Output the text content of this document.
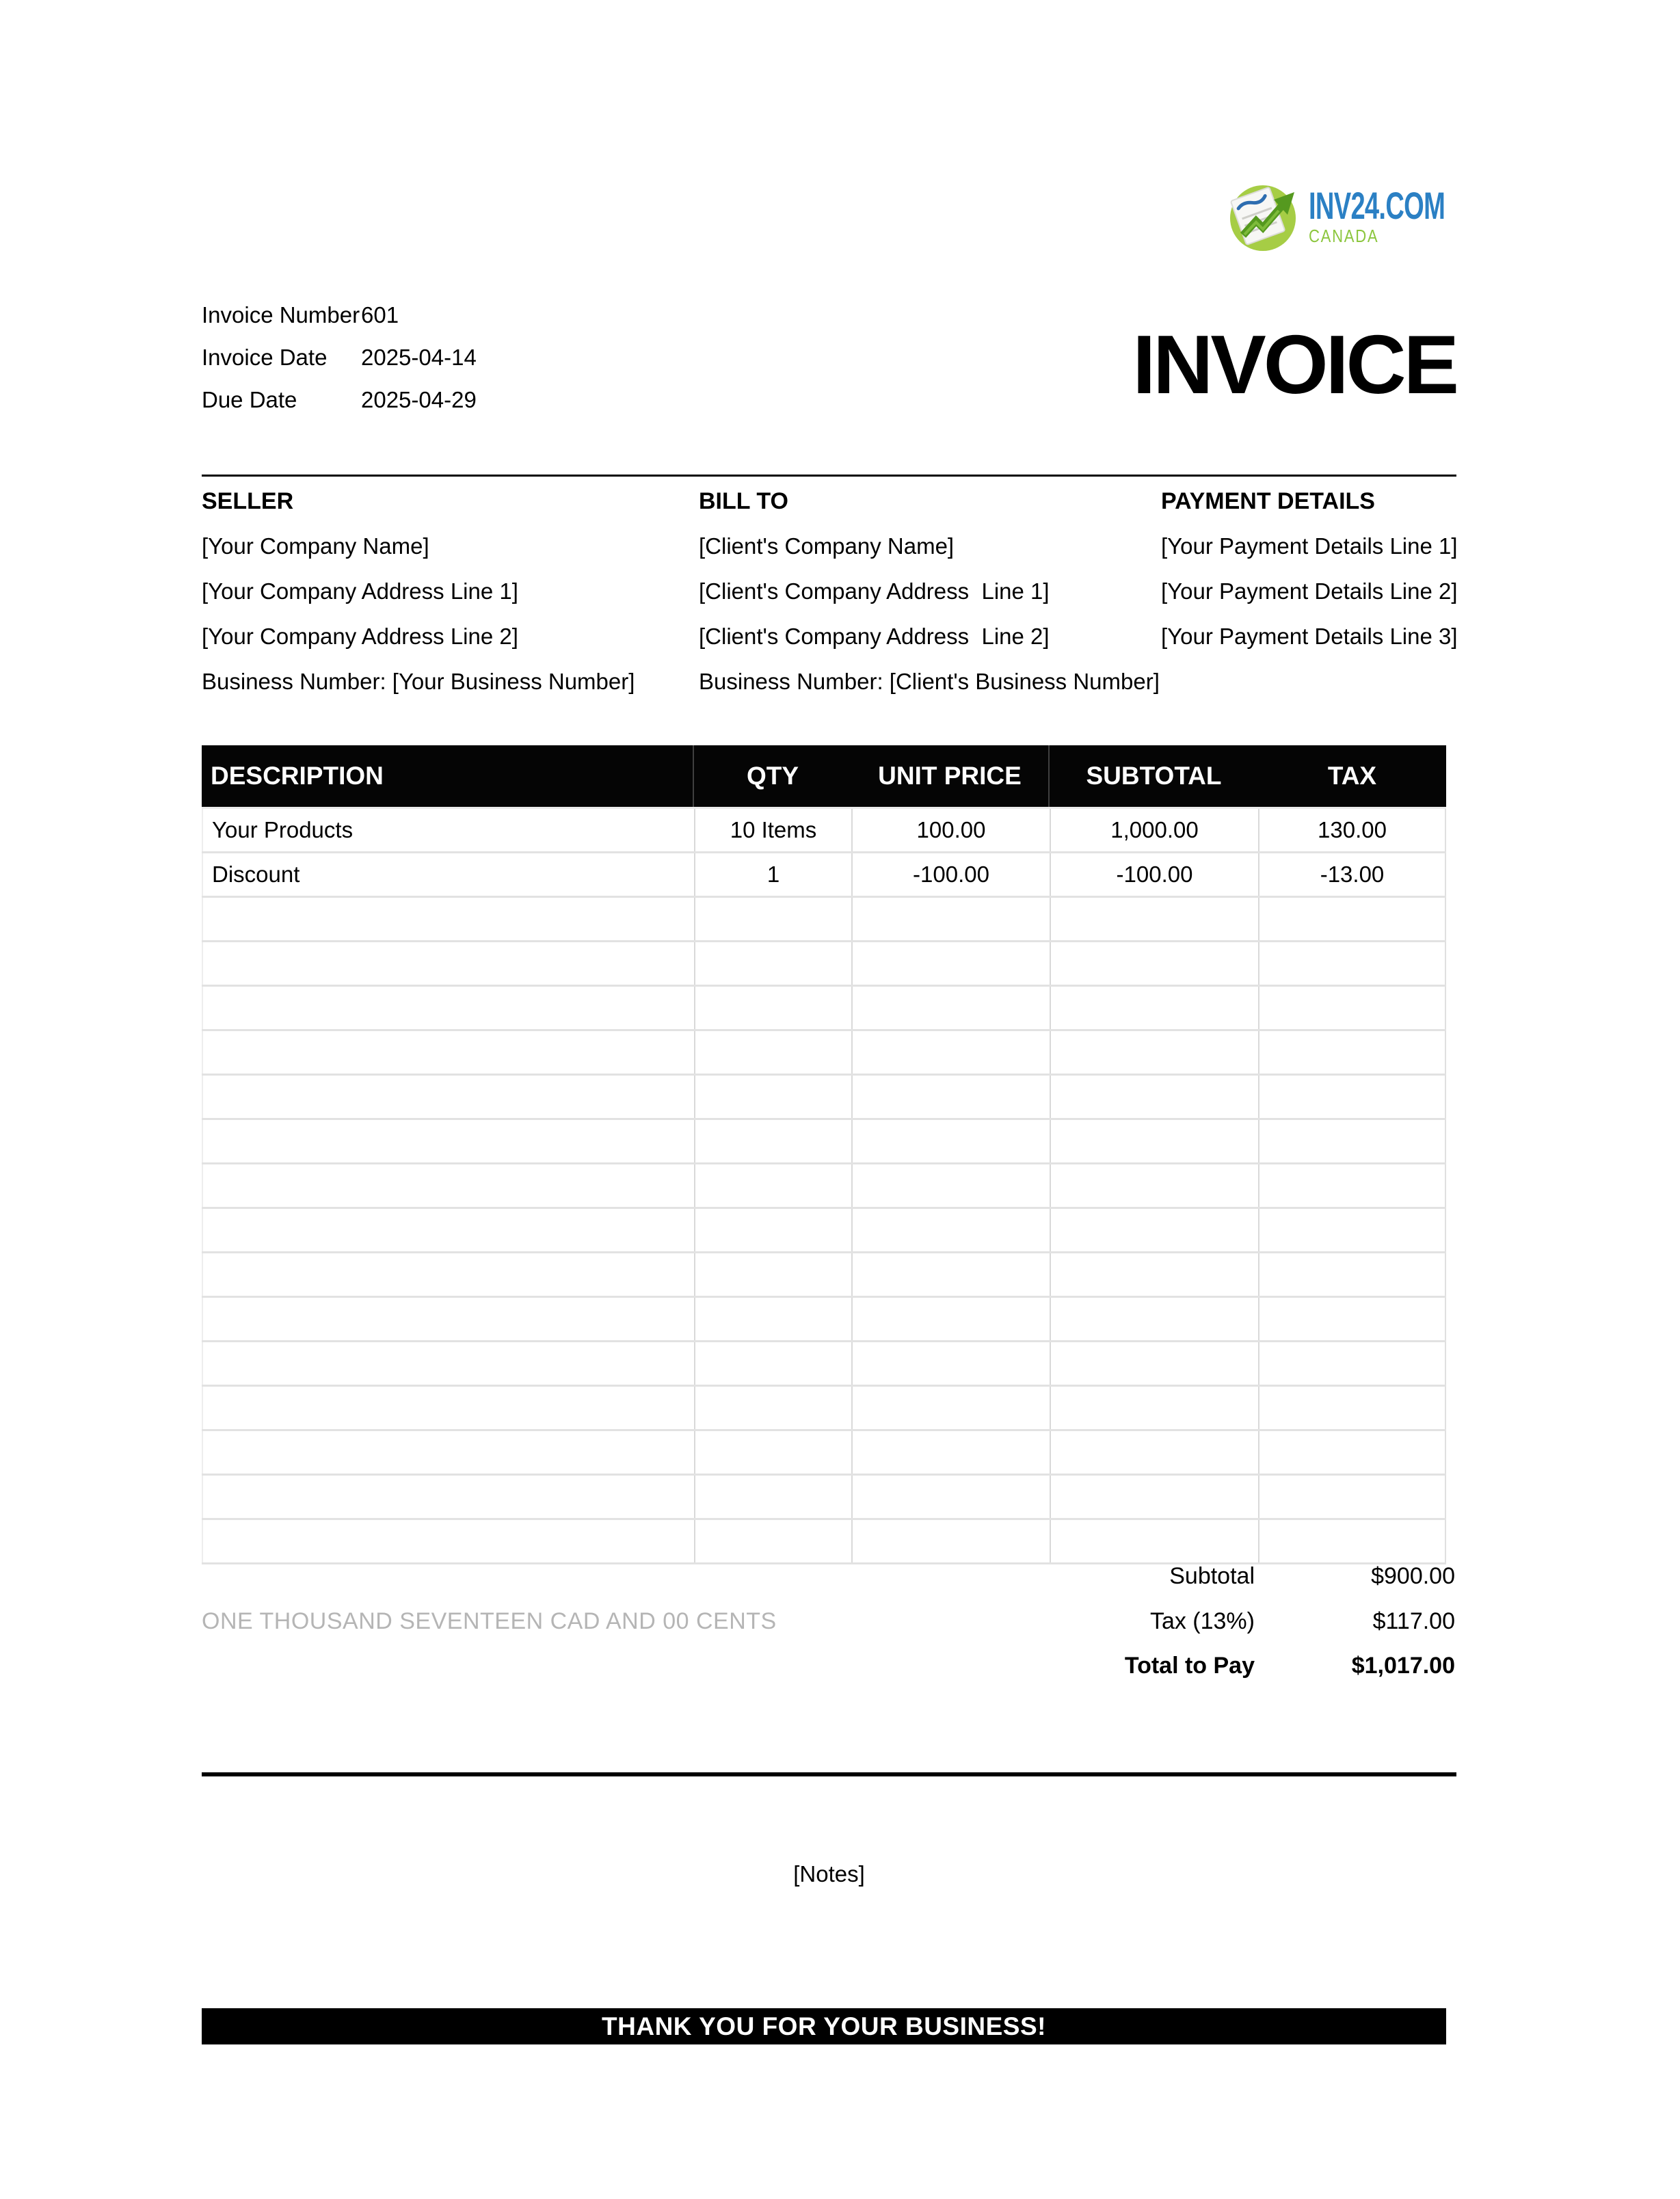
INV24.COM
CANADA
Invoice Number 601
Invoice Date	2025-04-14
Due Date	2025-04-29	INVOICE
SELLER
[Your Company Name]
[Your Company Address Line 1]
[Your Company Address Line 2]
Business Number: [Your Business Number]
BILL TO
[Client's Company Name]
[Client's Company Address  Line 1]
[Client's Company Address  Line 2]
Business Number: [Client's Business Number]
PAYMENT DETAILS
[Your Payment Details Line 1]
[Your Payment Details Line 2]
[Your Payment Details Line 3]
DESCRIPTION	QTY	UNIT PRICE	SUBTOTAL	TAX
Your Products	10 Items	100.00	1,000.00	130.00
Discount	1	-100.00	-100.00	-13.00
Subtotal	$900.00
ONE THOUSAND SEVENTEEN CAD AND 00 CENTS	Tax (13%)	$117.00
Total to Pay	$1,017.00
[Notes]
THANK YOU FOR YOUR BUSINESS!
